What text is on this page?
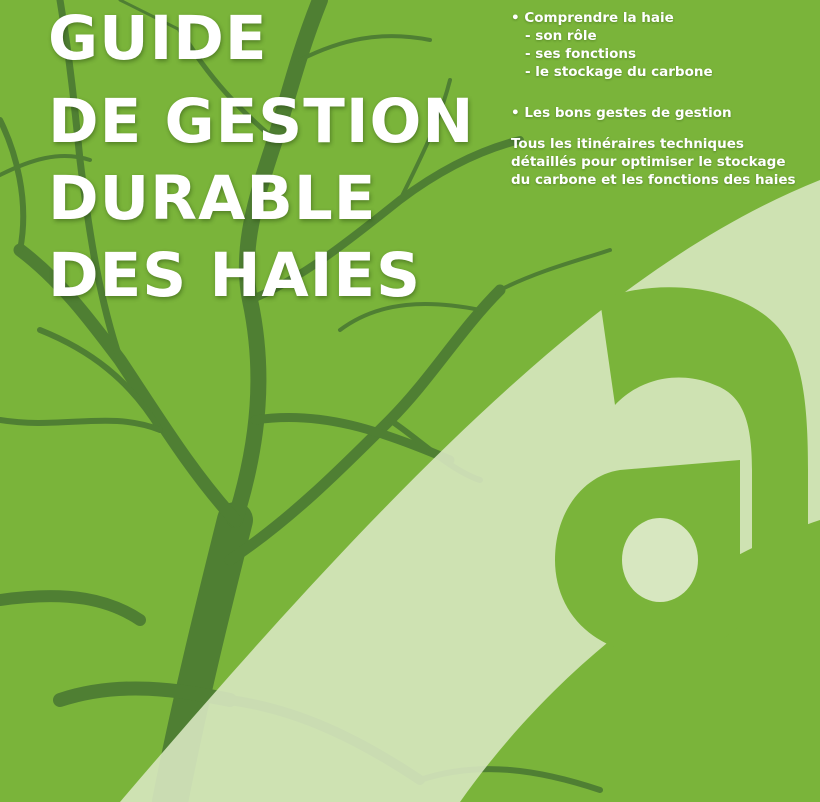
GUIDE
DE GESTION
DURABLE
DES HAIES
• Comprendre la haie
- son rôle
- ses fonctions
- le stockage du carbone
• Les bons gestes de gestion
Tous les itinéraires techniques
détaillés pour optimiser le stockage
du carbone et les fonctions des haies
